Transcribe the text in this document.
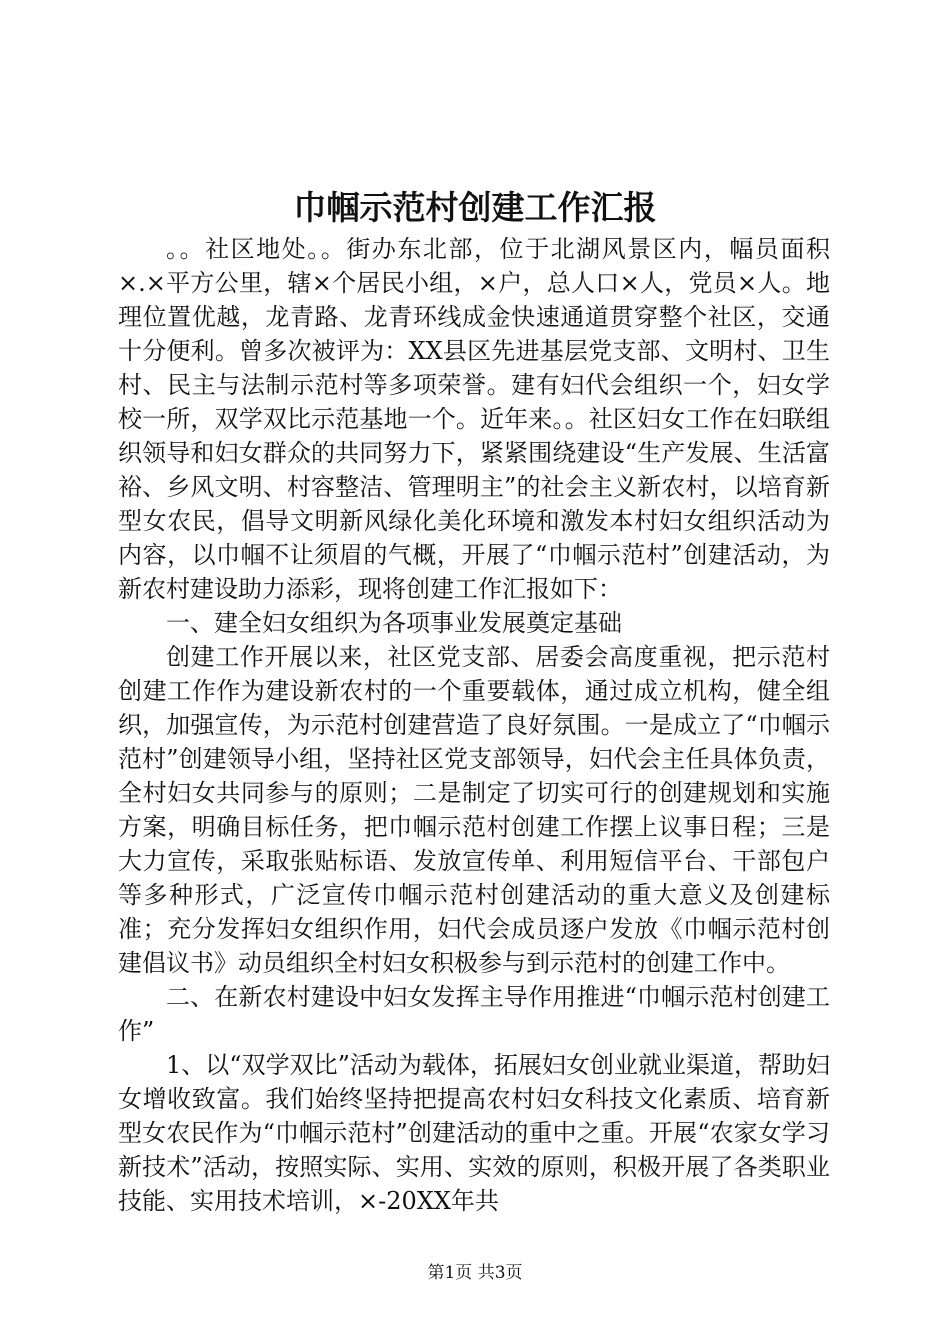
巾帼示范村创建工作汇报

。。社区地处。。街办东北部，位于北湖风景区内，幅员面积×.×平方公里，辖×个居民小组，×户，总人口×人，党员×人。地理位置优越，龙青路、龙青环线成金快速通道贯穿整个社区，交通十分便利。曾多次被评为：XX县区先进基层党支部、文明村、卫生村、民主与法制示范村等多项荣誉。建有妇代会组织一个，妇女学校一所，双学双比示范基地一个。近年来。。社区妇女工作在妇联组织领导和妇女群众的共同努力下，紧紧围绕建设“生产发展、生活富裕、乡风文明、村容整洁、管理明主”的社会主义新农村，以培育新型女农民，倡导文明新风绿化美化环境和激发本村妇女组织活动为内容，以巾帼不让须眉的气概，开展了“巾帼示范村”创建活动，为新农村建设助力添彩，现将创建工作汇报如下：

一、建全妇女组织为各项事业发展奠定基础

创建工作开展以来，社区党支部、居委会高度重视，把示范村创建工作作为建设新农村的一个重要载体，通过成立机构，健全组织，加强宣传，为示范村创建营造了良好氛围。一是成立了“巾帼示范村”创建领导小组，坚持社区党支部领导，妇代会主任具体负责，全村妇女共同参与的原则；二是制定了切实可行的创建规划和实施方案，明确目标任务，把巾帼示范村创建工作摆上议事日程；三是大力宣传，采取张贴标语、发放宣传单、利用短信平台、干部包户等多种形式，广泛宣传巾帼示范村创建活动的重大意义及创建标准；充分发挥妇女组织作用，妇代会成员逐户发放《巾帼示范村创建倡议书》动员组织全村妇女积极参与到示范村的创建工作中。

二、在新农村建设中妇女发挥主导作用推进“巾帼示范村创建工作”

1、以“双学双比”活动为载体，拓展妇女创业就业渠道，帮助妇女增收致富。我们始终坚持把提高农村妇女科技文化素质、培育新型女农民作为“巾帼示范村”创建活动的重中之重。开展“农家女学习新技术”活动，按照实际、实用、实效的原则，积极开展了各类职业技能、实用技术培训，×-20XX年共

第1页 共3页
